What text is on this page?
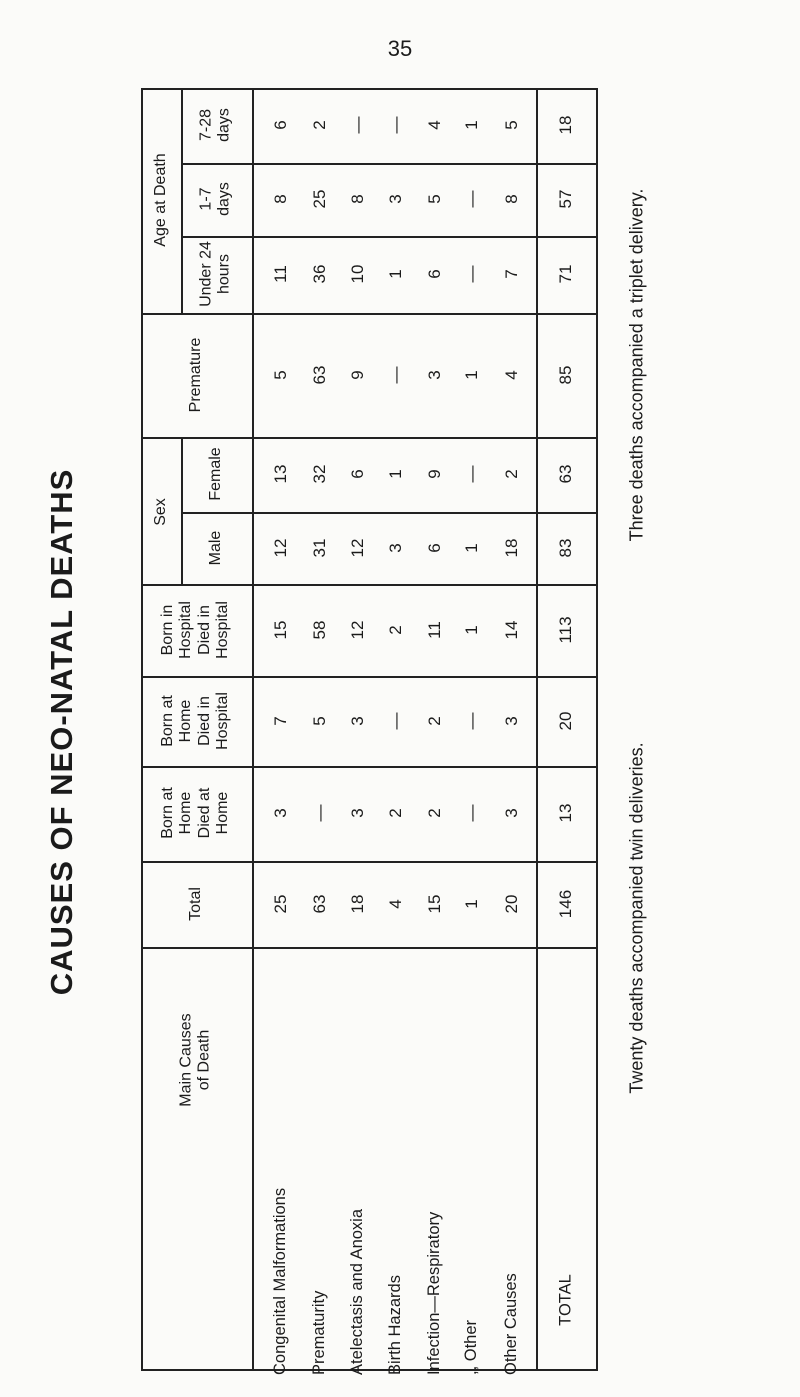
35
CAUSES OF NEO-NATAL DEATHS	Twenty deaths accompanied twin deliveries.
Three deaths accompanied a triplet delivery.
Age at Death
7-28 days
1-7 days
Under 24 hours
Premature
Sex
Female
Male
Born in Hospital Died in Hospital
Born at Home Died in Hospital
Born at Home Died at Home
Total
Main Causes of Death
6
8
11
5
13
12
15
7
3
25
Congenital Malformations
2
25
36
63
32
31
58
5
—
63
Prematurity
—
8
10
9
6
12
12
3
3
18
Atelectasis and Anoxia
—
3
1
—
1
3
2
—
2
4
Birth Hazards
4
5
6
3
9
6
11
2
2
15
Infection—Respiratory
1
—
—
1
—
1
1
—
—
1
,, Other
5
8
7
4
2
18
14
3
3
20
Other Causes
18
57
71
85
63
83
113
20
13
146
TOTAL
